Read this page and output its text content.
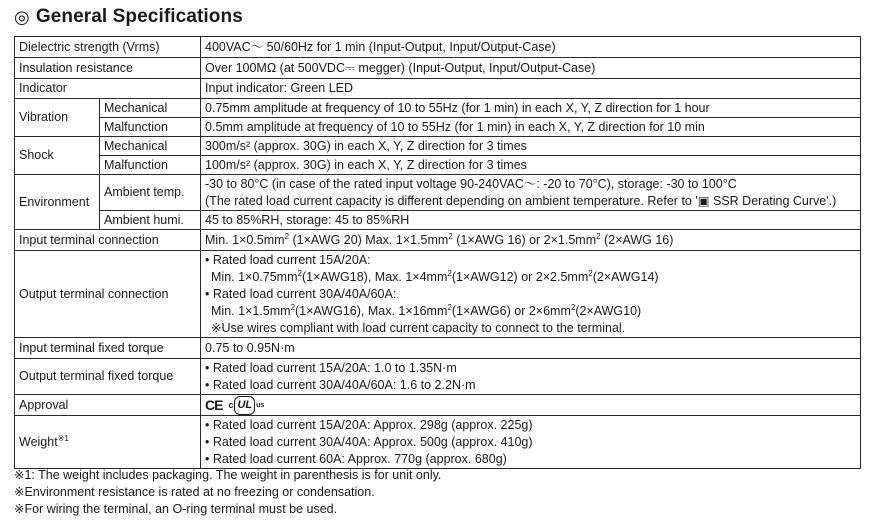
◎ General Specifications
Dielectric strength (Vrms)		400VAC～ 50/60Hz for 1 min (Input-Output, Input/Output-Case)
Insulation resistance		Over 100MΩ (at 500VDC⎓ megger) (Input-Output, Input/Output-Case)
Indicator		Input indicator: Green LED
Vibration	Mechanical	0.75mm amplitude at frequency of 10 to 55Hz (for 1 min) in each X, Y, Z direction for 1 hour
	Malfunction	0.5mm amplitude at frequency of 10 to 55Hz (for 1 min) in each X, Y, Z direction for 10 min
Shock	Mechanical	300m/s² (approx. 30G) in each X, Y, Z direction for 3 times
	Malfunction	100m/s² (approx. 30G) in each X, Y, Z direction for 3 times
Environment	Ambient temp.	-30 to 80°C (in case of the rated input voltage 90-240VAC～: -20 to 70°C), storage: -30 to 100°C
(The rated load current capacity is different depending on ambient temperature. Refer to '▣ SSR Derating Curve'.)

	Ambient humi.	45 to 85%RH, storage: 45 to 85%RH
Input terminal connection		Min. $1\times 0.5mm^2$ (1×AWG 20) Max. $1\times 1.5mm^2$ (1×AWG 16) or $2\times 1.5mm^2$ (2×AWG 16)
Output terminal connection		• Rated load current 15A/20A:
Min. $1\times 0.75mm^2(1\times AWG18)$, Max. $1\times 4mm^2(1\times AWG12)$ or $2\times 2.5mm^2(2\times AWG14)$
• Rated load current 30A/40A/60A:
Min. $1\times 1.5mm^2(1\times AWG16)$, Max. $1\times 16mm^2(1\times AWG6)$ or $2\times 6mm^2(2\times AWG10)$
※Use wires compliant with load current capacity to connect to the terminal.

Input terminal fixed torque		0.75 to 0.95N·m
Output terminal fixed torque		• Rated load current 15A/20A: 1.0 to 1.35N·m
• Rated load current 30A/40A/60A: 1.6 to 2.2N·m

Approval		CE c UL us

Weight$^{※1}$		• Rated load current 15A/20A: Approx. 298g (approx. 225g)
• Rated load current 30A/40A: Approx. 500g (approx. 410g)
• Rated load current 60A: Approx. 770g (approx. 680g)
※1: The weight includes packaging. The weight in parenthesis is for unit only.
※Environment resistance is rated at no freezing or condensation.
※For wiring the terminal, an O-ring terminal must be used.
